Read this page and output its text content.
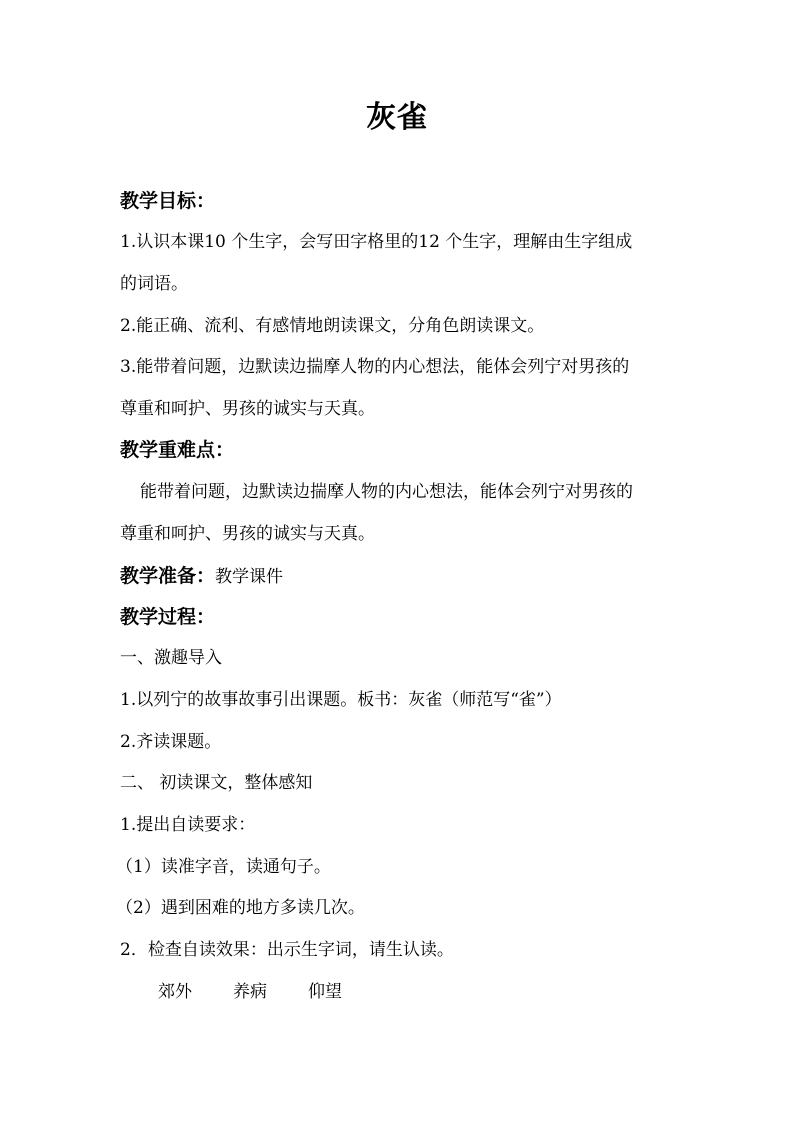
灰雀
教学目标：
1.认识本课10 个生字，会写田字格里的12 个生字，理解由生字组成
的词语。
2.能正确、流利、有感情地朗读课文，分角色朗读课文。
3.能带着问题，边默读边揣摩人物的内心想法，能体会列宁对男孩的
尊重和呵护、男孩的诚实与天真。
教学重难点：
能带着问题，边默读边揣摩人物的内心想法，能体会列宁对男孩的
尊重和呵护、男孩的诚实与天真。
教学准备：教学课件
教学过程：
一、激趣导入
1.以列宁的故事故事引出课题。板书：灰雀（师范写“雀”）
2.齐读课题。
二、 初读课文，整体感知
1.提出自读要求：
（1）读准字音，读通句子。
（2）遇到困难的地方多读几次。
2．检查自读效果：出示生字词，请生认读。
郊外 养病 仰望
